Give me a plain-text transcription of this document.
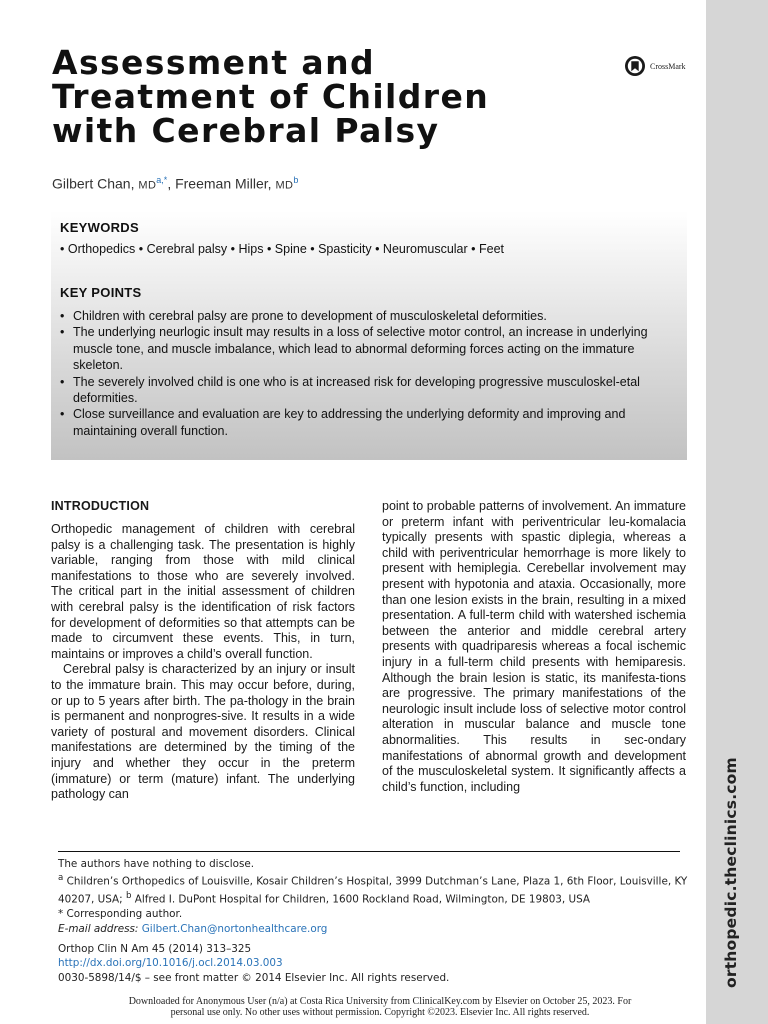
orthopedic.theclinics.com
Assessment and
Treatment of Children
with Cerebral Palsy
CrossMark

Gilbert Chan, $MD^{a,*}$, Freeman Miller, $MD^b$

KEYWORDS

• Orthopedics • Cerebral palsy • Hips • Spine • Spasticity • Neuromuscular • Feet

KEY POINTS
• Children with cerebral palsy are prone to development of musculoskeletal deformities.
• The underlying neurlogic insult may results in a loss of selective motor control, an increase in underlying muscle tone, and muscle imbalance, which lead to abnormal deforming forces acting on the immature skeleton.
• The severely involved child is one who is at increased risk for developing progressive musculoskel-etal deformities.
• Close surveillance and evaluation are key to addressing the underlying deformity and improving and maintaining overall function.
INTRODUCTION

Orthopedic management of children with cerebral palsy is a challenging task. The presentation is highly variable, ranging from those with mild clinical manifestations to those who are severely involved. The critical part in the initial assessment of children with cerebral palsy is the identification of risk factors for development of deformities so that attempts can be made to circumvent these events. This, in turn, maintains or improves a child’s overall function.

Cerebral palsy is characterized by an injury or insult to the immature brain. This may occur before, during, or up to 5 years after birth. The pa-thology in the brain is permanent and nonprogres-sive. It results in a wide variety of postural and movement disorders. Clinical manifestations are determined by the timing of the injury and whether they occur in the preterm (immature) or term (mature) infant. The underlying pathology can

point to probable patterns of involvement. An immature or preterm infant with periventricular leu-komalacia typically presents with spastic diplegia, whereas a child with periventricular hemorrhage is more likely to present with hemiplegia. Cerebellar involvement may present with hypotonia and ataxia. Occasionally, more than one lesion exists in the brain, resulting in a mixed presentation. A full-term child with watershed ischemia between the anterior and middle cerebral artery presents with quadriparesis whereas a focal ischemic injury in a full-term child presents with hemiparesis. Although the brain lesion is static, its manifesta-tions are progressive. The primary manifestations of the neurologic insult include loss of selective motor control alteration in muscular balance and muscle tone abnormalities. This results in sec-ondary manifestations of abnormal growth and development of the musculoskeletal system. It significantly affects a child’s function, including

The authors have nothing to disclose.

$^a$ Children’s Orthopedics of Louisville, Kosair Children’s Hospital, 3999 Dutchman’s Lane, Plaza 1, 6th Floor, Louisville, KY 40207, USA; $^b$ Alfred I. DuPont Hospital for Children, 1600 Rockland Road, Wilmington, DE 19803, USA

* Corresponding author.

E-mail address: Gilbert.Chan@nortonhealthcare.org

Orthop Clin N Am 45 (2014) 313–325

http://dx.doi.org/10.1016/j.ocl.2014.03.003

0030-5898/14/$ – see front matter © 2014 Elsevier Inc. All rights reserved.

Downloaded for Anonymous User (n/a) at Costa Rica University from ClinicalKey.com by Elsevier on October 25, 2023. For personal use only. No other uses without permission. Copyright ©2023. Elsevier Inc. All rights reserved.
